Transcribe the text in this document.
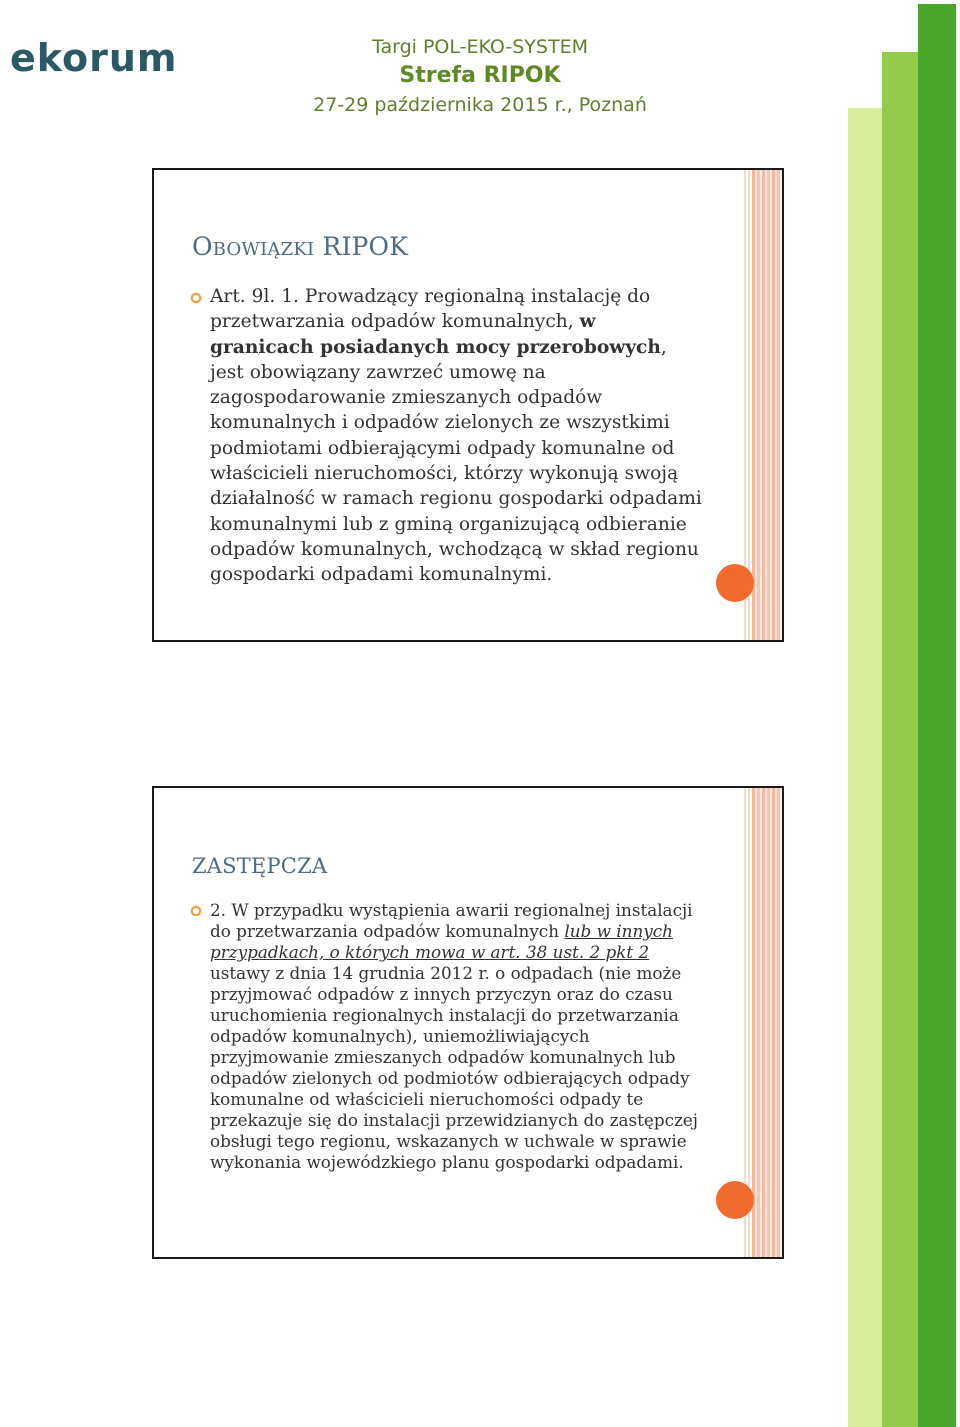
ekorum	Targi POL-EKO-SYSTEM
Strefa RIPOK
27-29 października 2015 r., Poznań
Obowiązki RIPOK
Art. 9l. 1. Prowadzący regionalną instalację do przetwarzania odpadów komunalnych, w granicach posiadanych mocy przerobowych, jest obowiązany zawrzeć umowę na zagospodarowanie zmieszanych odpadów komunalnych i odpadów zielonych ze wszystkimi podmiotami odbierającymi odpady komunalne od właścicieli nieruchomości, którzy wykonują swoją działalność w ramach regionu gospodarki odpadami komunalnymi lub z gminą organizującą odbieranie odpadów komunalnych, wchodzącą w skład regionu gospodarki odpadami komunalnymi.
ZASTĘPCZA
2. W przypadku wystąpienia awarii regionalnej instalacji do przetwarzania odpadów komunalnych lub w innych przypadkach, o których mowa w art. 38 ust. 2 pkt 2 ustawy z dnia 14 grudnia 2012 r. o odpadach (nie może przyjmować odpadów z innych przyczyn oraz do czasu uruchomienia regionalnych instalacji do przetwarzania odpadów komunalnych), uniemożliwiających przyjmowanie zmieszanych odpadów komunalnych lub odpadów zielonych od podmiotów odbierających odpady komunalne od właścicieli nieruchomości odpady te przekazuje się do instalacji przewidzianych do zastępczej obsługi tego regionu, wskazanych w uchwale w sprawie wykonania wojewódzkiego planu gospodarki odpadami.
